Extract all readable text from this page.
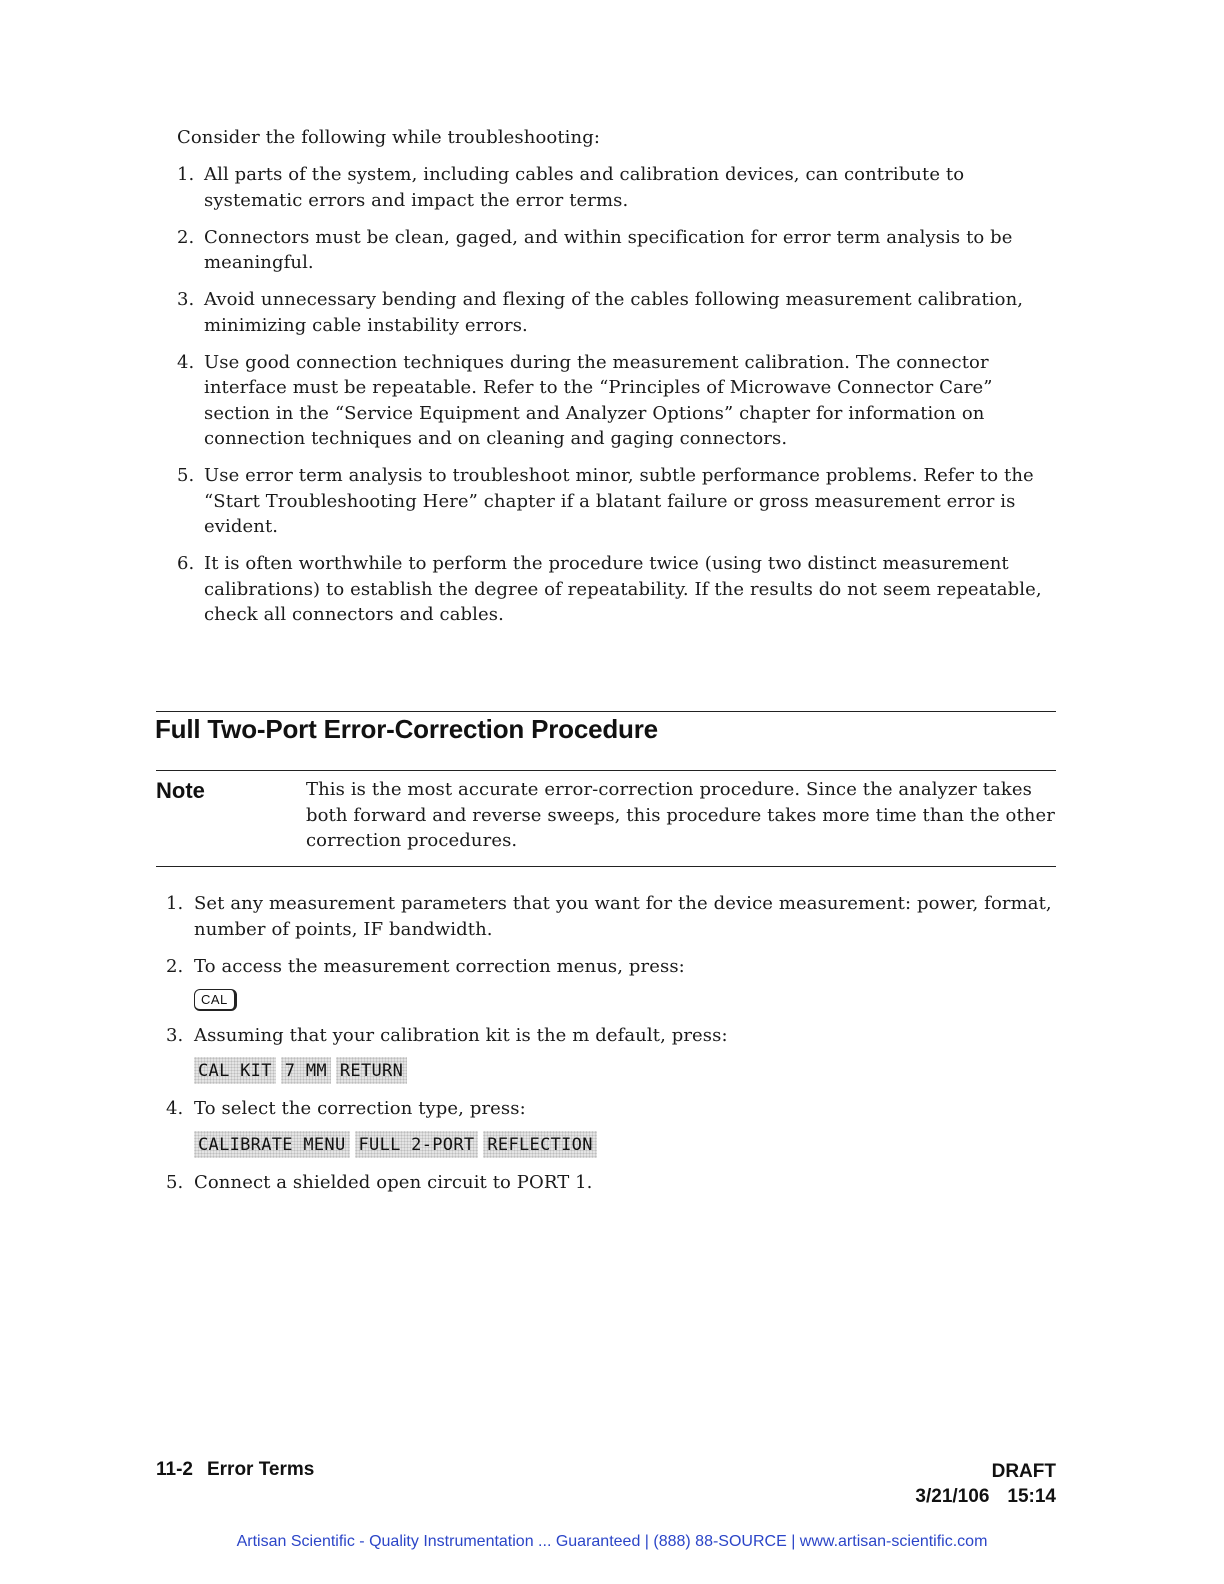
Consider the following while troubleshooting:
1. All parts of the system, including cables and calibration devices, can contribute to systematic errors and impact the error terms.
2. Connectors must be clean, gaged, and within specification for error term analysis to be meaningful.
3. Avoid unnecessary bending and flexing of the cables following measurement calibration, minimizing cable instability errors.
4. Use good connection techniques during the measurement calibration. The connector interface must be repeatable. Refer to the “Principles of Microwave Connector Care” section in the “Service Equipment and Analyzer Options” chapter for information on connection techniques and on cleaning and gaging connectors.
5. Use error term analysis to troubleshoot minor, subtle performance problems. Refer to the “Start Troubleshooting Here” chapter if a blatant failure or gross measurement error is evident.
6. It is often worthwhile to perform the procedure twice (using two distinct measurement calibrations) to establish the degree of repeatability. If the results do not seem repeatable, check all connectors and cables.
Full Two-Port Error-Correction Procedure
Note	This is the most accurate error-correction procedure. Since the analyzer takes both forward and reverse sweeps, this procedure takes more time than the other correction procedures.
1. Set any measurement parameters that you want for the device measurement: power, format, number of points, IF bandwidth.
2. To access the measurement correction menus, press:
CAL
3. Assuming that your calibration kit is the m default, press:
CAL KIT 7 MM RETURN
4. To select the correction type, press:
CALIBRATE MENU FULL 2-PORT REFLECTION
5. Connect a shielded open circuit to PORT 1.
11-2 Error Terms	DRAFT
3/21/106 15:14
Artisan Scientific - Quality Instrumentation ... Guaranteed | (888) 88-SOURCE | www.artisan-scientific.com
